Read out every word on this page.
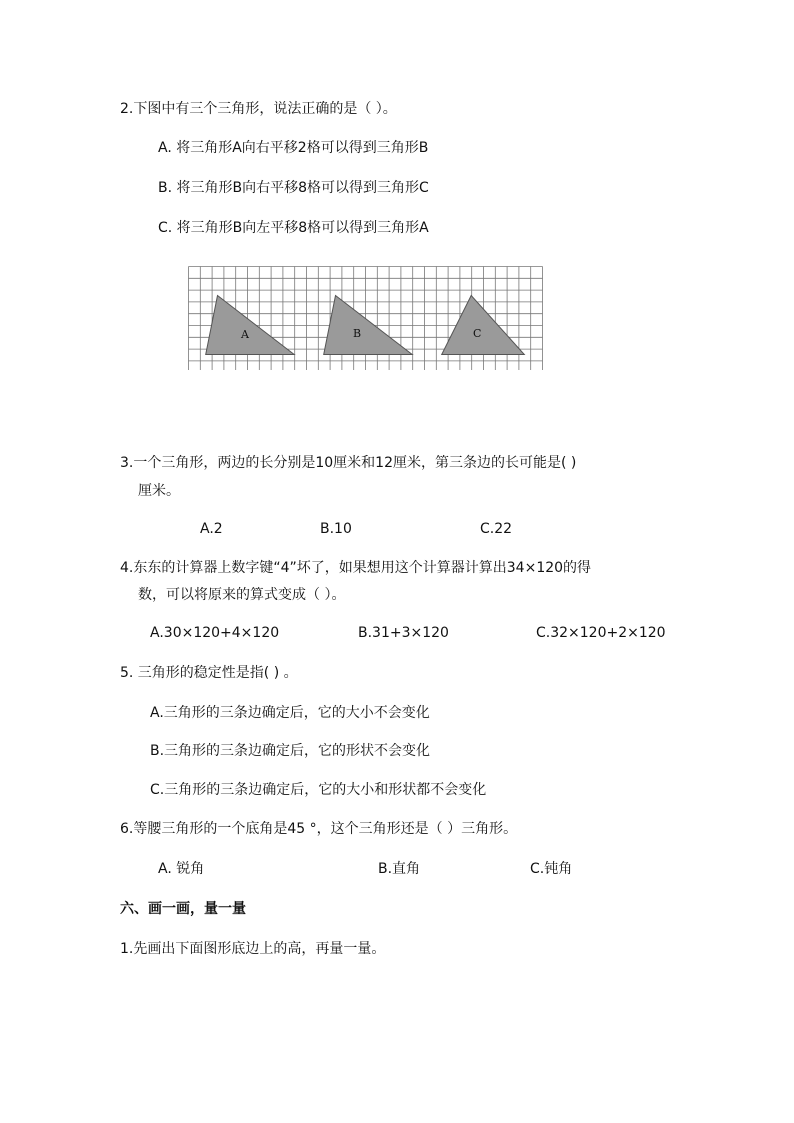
2.下图中有三个三角形，说法正确的是（ ）。
A. 将三角形A向右平移2格可以得到三角形B
B. 将三角形B向右平移8格可以得到三角形C
C. 将三角形B向左平移8格可以得到三角形A
A	B	C
3.一个三角形，两边的长分别是10厘米和12厘米，第三条边的长可能是( )
厘米。
A.2	B.10	C.22
4.东东的计算器上数字键“4”坏了，如果想用这个计算器计算出34×120的得
数，可以将原来的算式变成（ ）。
A.30×120+4×120	B.31+3×120	C.32×120+2×120
5. 三角形的稳定性是指( ) 。
A.三角形的三条边确定后，它的大小不会变化
B.三角形的三条边确定后，它的形状不会变化
C.三角形的三条边确定后，它的大小和形状都不会变化
6.等腰三角形的一个底角是45 °，这个三角形还是（ ）三角形。
A. 锐角	B.直角	C.钝角
六、画一画，量一量
1.先画出下面图形底边上的高，再量一量。
